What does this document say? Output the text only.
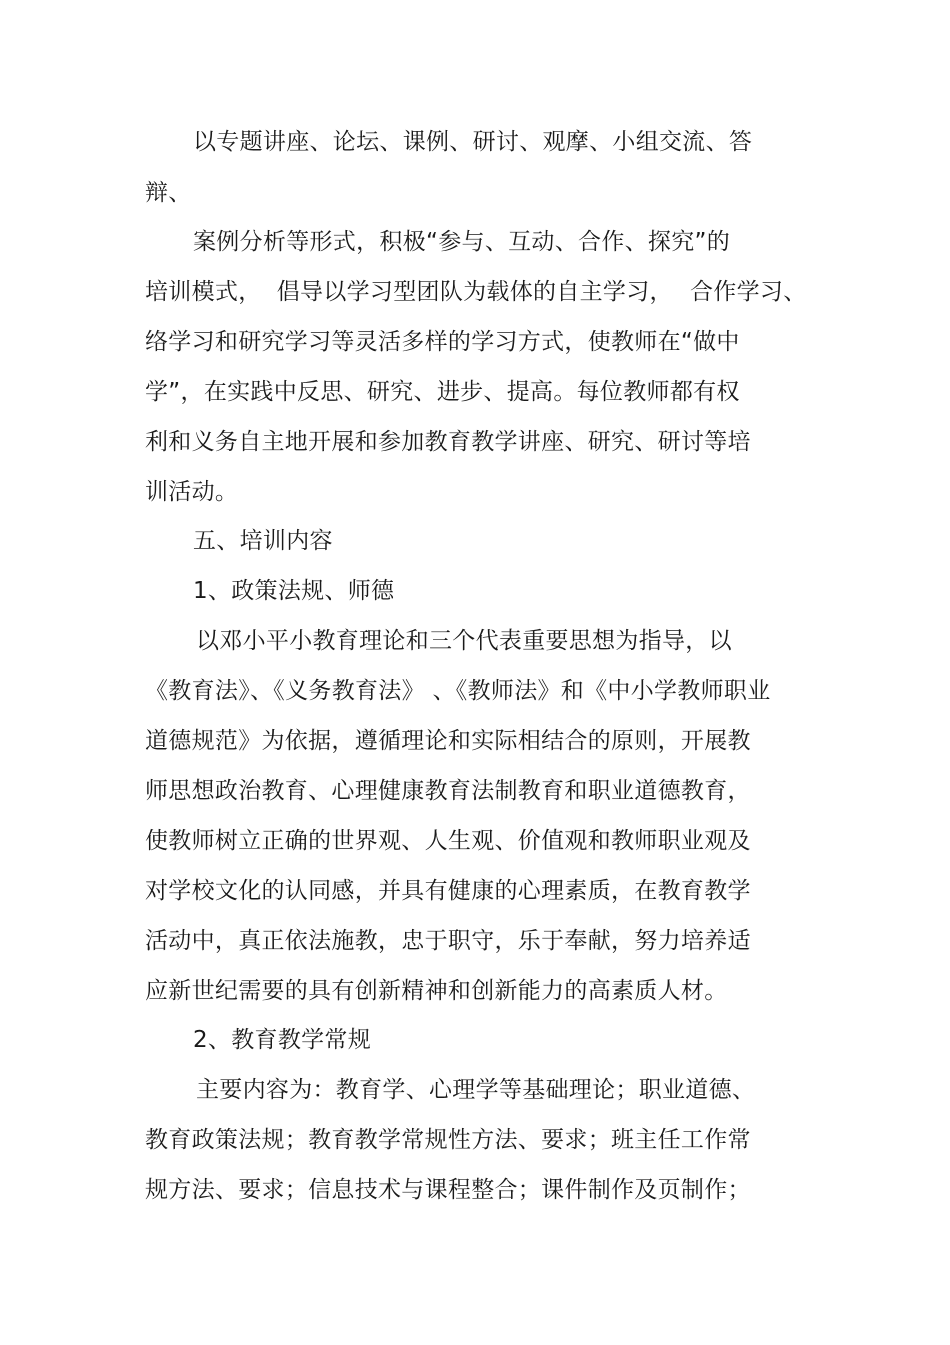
以专题讲座、论坛、课例、研讨、观摩、小组交流、答
辩、
案例分析等形式，积极“参与、互动、合作、探究”的
培训模式，  倡导以学习型团队为载体的自主学习， 合作学习、
络学习和研究学习等灵活多样的学习方式，使教师在“做中
学”，在实践中反思、研究、进步、提高。每位教师都有权
利和义务自主地开展和参加教育教学讲座、研究、研讨等培
训活动。
五、培训内容
1、政策法规、师德
以邓小平小教育理论和三个代表重要思想为指导，以
《教育法》、《义务教育法》 、《教师法》和《中小学教师职业
道德规范》为依据，遵循理论和实际相结合的原则，开展教
师思想政治教育、心理健康教育法制教育和职业道德教育，
使教师树立正确的世界观、人生观、价值观和教师职业观及
对学校文化的认同感，并具有健康的心理素质，在教育教学
活动中，真正依法施教，忠于职守，乐于奉献，努力培养适
应新世纪需要的具有创新精神和创新能力的高素质人材。
2、教育教学常规
主要内容为：教育学、心理学等基础理论；职业道德、
教育政策法规；教育教学常规性方法、要求；班主任工作常
规方法、要求；信息技术与课程整合；课件制作及页制作；
